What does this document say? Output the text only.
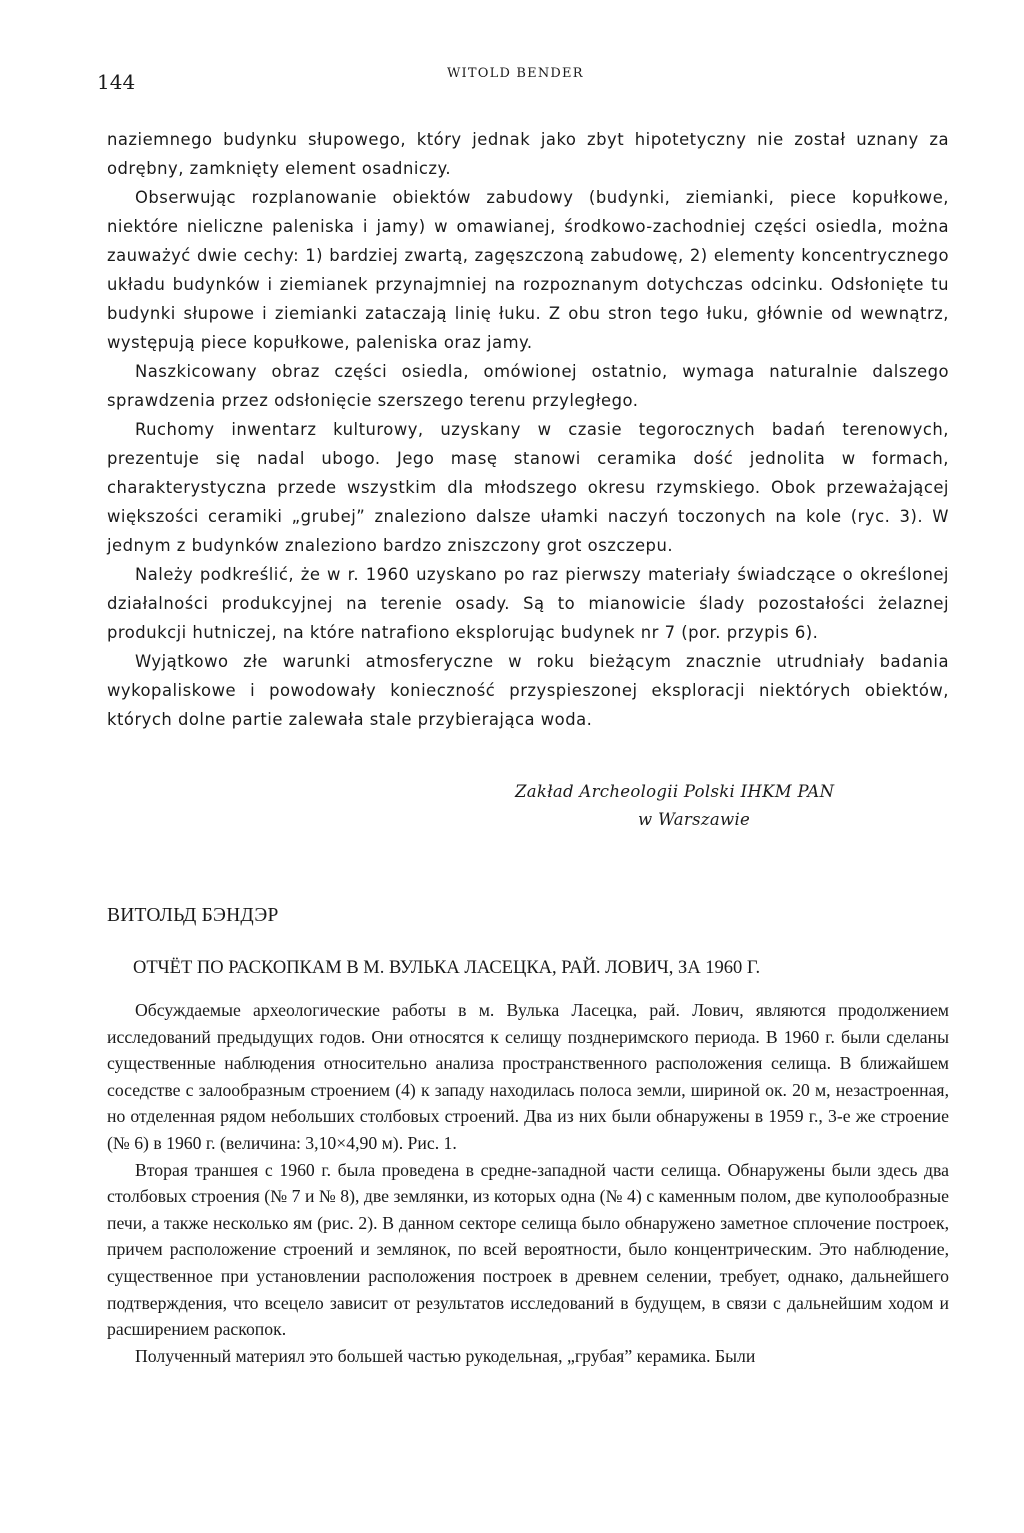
144	WITOLD BENDER

naziemnego budynku słupowego, który jednak jako zbyt hipotetyczny nie został uznany za odrębny, zamknięty element osadniczy.

Obserwując rozplanowanie obiektów zabudowy (budynki, ziemianki, piece kopułkowe, niektóre nieliczne paleniska i jamy) w omawianej, środkowo-zachodniej części osiedla, można zauważyć dwie cechy: 1) bardziej zwartą, zagęszczoną zabudowę, 2) elementy koncentrycznego układu budynków i ziemianek przynajmniej na rozpoznanym dotychczas odcinku. Odsłonięte tu budynki słupowe i ziemianki zataczają linię łuku. Z obu stron tego łuku, głównie od wewnątrz, występują piece kopułkowe, paleniska oraz jamy.

Naszkicowany obraz części osiedla, omówionej ostatnio, wymaga naturalnie dalszego sprawdzenia przez odsłonięcie szerszego terenu przyległego.

Ruchomy inwentarz kulturowy, uzyskany w czasie tegorocznych badań terenowych, prezentuje się nadal ubogo. Jego masę stanowi ceramika dość jednolita w formach, charakterystyczna przede wszystkim dla młodszego okresu rzymskiego. Obok przeważającej większości ceramiki „grubej” znaleziono dalsze ułamki naczyń toczonych na kole (ryc. 3). W jednym z budynków znaleziono bardzo zniszczony grot oszczepu.

Należy podkreślić, że w r. 1960 uzyskano po raz pierwszy materiały świadczące o określonej działalności produkcyjnej na terenie osady. Są to mianowicie ślady pozostałości żelaznej produkcji hutniczej, na które natrafiono eksplorując budynek nr 7 (por. przypis 6).

Wyjątkowo złe warunki atmosferyczne w roku bieżącym znacznie utrudniały badania wykopaliskowe i powodowały konieczność przyspieszonej eksploracji niektórych obiektów, których dolne partie zalewała stale przybierająca woda.

Zakład Archeologii Polski IHKM PAN
w Warszawie
ВИТОЛЬД БЭНДЭР
ОТЧЁТ ПО РАСКОПКАМ В М. ВУЛЬКА ЛАСЕЦКА, РАЙ. ЛОВИЧ, ЗА 1960 Г.

Обсуждаемые археологические работы в м. Вулька Ласецка, рай. Лович, являются продолжением исследований предыдущих годов. Они относятся к селищу позднеримского периода. В 1960 г. были сделаны существенные наблюдения относительно анализа пространственного расположения селища. В ближайшем соседстве с залообразным строением (4) к западу находилась полоса земли, шириной ок. 20 м, незастроенная, но отделенная рядом небольших столбовых строений. Два из них были обнаружены в 1959 г., 3-е же строение (№ 6) в 1960 г. (величина: 3,10×4,90 м). Рис. 1.

Вторая траншея с 1960 г. была проведена в средне-западной части селища. Обнаружены были здесь два столбовых строения (№ 7 и № 8), две землянки, из которых одна (№ 4) с каменным полом, две куполообразные печи, а также несколько ям (рис. 2). В данном секторе селища было обнаружено заметное сплочение построек, причем расположение строений и землянок, по всей вероятности, было концентрическим. Это наблюдение, существенное при установлении расположения построек в древнем селении, требует, однако, дальнейшего подтверждения, что всецело зависит от результатов исследований в будущем, в связи с дальнейшим ходом и расширением раскопок.

Полученный материял это большей частью рукодельная, „грубая” керамика. Были
